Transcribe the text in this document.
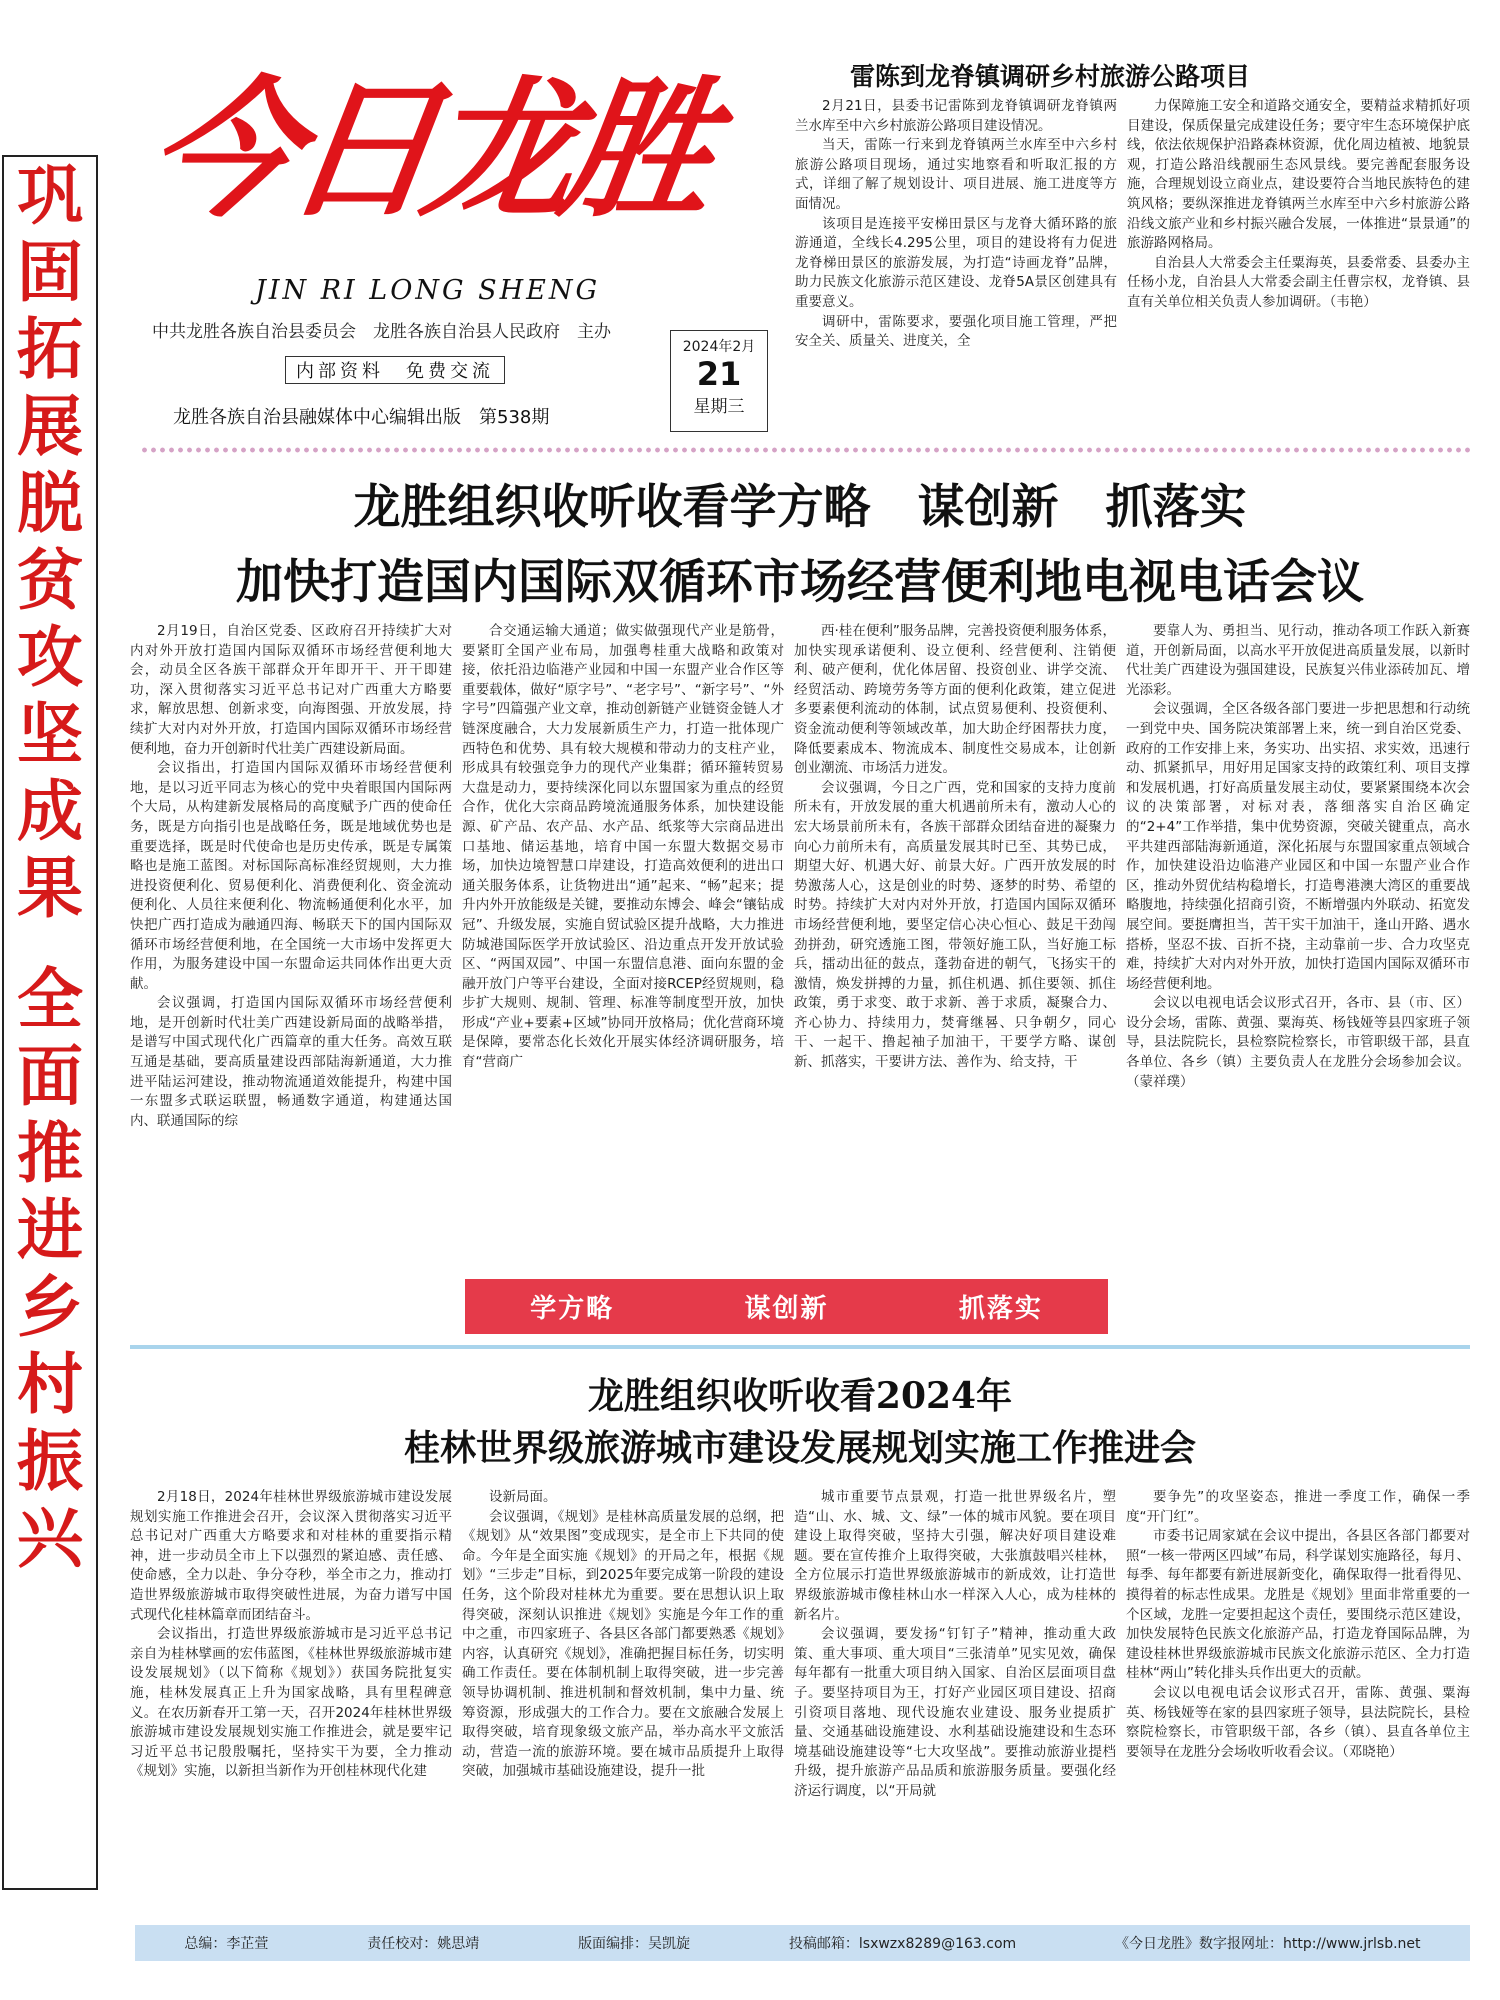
巩
固
拓
展
脱
贫
攻
坚
成
果
全
面
推
进
乡
村
振
兴
今日龙胜
JIN RI LONG SHENG
中共龙胜各族自治县委员会　龙胜各族自治县人民政府　主办
内部资料　免费交流
龙胜各族自治县融媒体中心编辑出版　第538期
2024年2月
21
星期三
雷陈到龙脊镇调研乡村旅游公路项目

2月21日，县委书记雷陈到龙脊镇调研龙脊镇两兰水库至中六乡村旅游公路项目建设情况。

当天，雷陈一行来到龙脊镇两兰水库至中六乡村旅游公路项目现场，通过实地察看和听取汇报的方式，详细了解了规划设计、项目进展、施工进度等方面情况。

该项目是连接平安梯田景区与龙脊大循环路的旅游通道，全线长4.295公里，项目的建设将有力促进龙脊梯田景区的旅游发展，为打造“诗画龙脊”品牌，助力民族文化旅游示范区建设、龙脊5A景区创建具有重要意义。

调研中，雷陈要求，要强化项目施工管理，严把安全关、质量关、进度关，全

力保障施工安全和道路交通安全，要精益求精抓好项目建设，保质保量完成建设任务；要守牢生态环境保护底线，依法依规保护沿路森林资源，优化周边植被、地貌景观，打造公路沿线靓丽生态风景线。要完善配套服务设施，合理规划设立商业点，建设要符合当地民族特色的建筑风格；要纵深推进龙脊镇两兰水库至中六乡村旅游公路沿线文旅产业和乡村振兴融合发展，一体推进“景景通”的旅游路网格局。

自治县人大常委会主任粟海英，县委常委、县委办主任杨小龙，自治县人大常委会副主任曹宗权，龙脊镇、县直有关单位相关负责人参加调研。（韦艳）

龙胜组织收听收看学方略　谋创新　抓落实
加快打造国内国际双循环市场经营便利地电视电话会议

2月19日，自治区党委、区政府召开持续扩大对内对外开放打造国内国际双循环市场经营便利地大会，动员全区各族干部群众开年即开干、开干即建功，深入贯彻落实习近平总书记对广西重大方略要求，解放思想、创新求变，向海图强、开放发展，持续扩大对内对外开放，打造国内国际双循环市场经营便利地，奋力开创新时代壮美广西建设新局面。

会议指出，打造国内国际双循环市场经营便利地，是以习近平同志为核心的党中央着眼国内国际两个大局，从构建新发展格局的高度赋予广西的使命任务，既是方向指引也是战略任务，既是地域优势也是重要选择，既是时代使命也是历史传承，既是专属策略也是施工蓝图。对标国际高标准经贸规则，大力推进投资便利化、贸易便利化、消费便利化、资金流动便利化、人员往来便利化、物流畅通便利化水平，加快把广西打造成为融通四海、畅联天下的国内国际双循环市场经营便利地，在全国统一大市场中发挥更大作用，为服务建设中国一东盟命运共同体作出更大贡献。

会议强调，打造国内国际双循环市场经营便利地，是开创新时代壮美广西建设新局面的战略举措，是谱写中国式现代化广西篇章的重大任务。高效互联互通是基础，要高质量建设西部陆海新通道，大力推进平陆运河建设，推动物流通道效能提升，构建中国一东盟多式联运联盟，畅通数字通道，构建通达国内、联通国际的综

合交通运输大通道；做实做强现代产业是筋骨，要紧盯全国产业布局，加强粤桂重大战略和政策对接，依托沿边临港产业园和中国一东盟产业合作区等重要载体，做好“原字号”、“老字号”、“新字号”、“外字号”四篇强产业文章，推动创新链产业链资金链人才链深度融合，大力发展新质生产力，打造一批体现广西特色和优势、具有较大规模和带动力的支柱产业，形成具有较强竞争力的现代产业集群；循环箍转贸易大盘是动力，要持续深化同以东盟国家为重点的经贸合作，优化大宗商品跨境流通服务体系，加快建设能源、矿产品、农产品、水产品、纸浆等大宗商品进出口基地、储运基地，培育中国一东盟大数据交易市场，加快边境智慧口岸建设，打造高效便利的进出口通关服务体系，让货物进出“通”起来、“畅”起来；提升内外开放能级是关键，要推动东博会、峰会“镶钻成冠”、升级发展，实施自贸试验区提升战略，大力推进防城港国际医学开放试验区、沿边重点开发开放试验区、“两国双园”、中国一东盟信息港、面向东盟的金融开放门户等平台建设，全面对接RCEP经贸规则，稳步扩大规则、规制、管理、标准等制度型开放，加快形成“产业+要素+区域”协同开放格局；优化营商环境是保障，要常态化长效化开展实体经济调研服务，培育“营商广

西·桂在便利”服务品牌，完善投资便利服务体系，加快实现承诺便利、设立便利、经营便利、注销便利、破产便利，优化体居留、投资创业、讲学交流、经贸活动、跨境劳务等方面的便利化政策，建立促进多要素便利流动的体制，试点贸易便利、投资便利、资金流动便利等领域改革，加大助企纾困帮扶力度，降低要素成本、物流成本、制度性交易成本，让创新创业潮流、市场活力迸发。

会议强调，今日之广西，党和国家的支持力度前所未有，开放发展的重大机遇前所未有，激动人心的宏大场景前所未有，各族干部群众团结奋进的凝聚力向心力前所未有，高质量发展其时已至、其势已成，期望大好、机遇大好、前景大好。广西开放发展的时势激荡人心，这是创业的时势、逐梦的时势、希望的时势。持续扩大对内对外开放，打造国内国际双循环市场经营便利地，要坚定信心决心恒心、鼓足干劲闯劲拼劲，研究透施工图，带领好施工队，当好施工标兵，擂动出征的鼓点，蓬勃奋进的朝气，飞扬实干的激情，焕发拼搏的力量，抓住机遇、抓住要领、抓住政策，勇于求变、敢于求新、善于求质，凝聚合力、齐心协力、持续用力，焚膏继晷、只争朝夕，同心干、一起干、撸起袖子加油干，干要学方略、谋创新、抓落实，干要讲方法、善作为、给支持，干

要靠人为、勇担当、见行动，推动各项工作跃入新赛道，开创新局面，以高水平开放促进高质量发展，以新时代壮美广西建设为强国建设，民族复兴伟业添砖加瓦、增光添彩。

会议强调，全区各级各部门要进一步把思想和行动统一到党中央、国务院决策部署上来，统一到自治区党委、政府的工作安排上来，务实功、出实招、求实效，迅速行动、抓紧抓早，用好用足国家支持的政策红利、项目支撑和发展机遇，打好高质量发展主动仗，要紧紧围绕本次会议的决策部署，对标对表，落细落实自治区确定的“2+4”工作举措，集中优势资源，突破关键重点，高水平共建西部陆海新通道，深化拓展与东盟国家重点领域合作，加快建设沿边临港产业园区和中国一东盟产业合作区，推动外贸优结构稳增长，打造粤港澳大湾区的重要战略腹地，持续强化招商引资，不断增强内外联动、拓宽发展空间。要挺膺担当，苦干实干加油干，逢山开路、遇水搭桥，坚忍不拔、百折不挠，主动靠前一步、合力攻坚克难，持续扩大对内对外开放，加快打造国内国际双循环市场经营便利地。

会议以电视电话会议形式召开，各市、县（市、区）设分会场，雷陈、黄强、粟海英、杨钱娅等县四家班子领导，县法院院长，县检察院检察长，市管职级干部，县直各单位、各乡（镇）主要负责人在龙胜分会场参加会议。（蒙祥璞）

学方略	谋创新	抓落实
龙胜组织收听收看2024年
桂林世界级旅游城市建设发展规划实施工作推进会

2月18日，2024年桂林世界级旅游城市建设发展规划实施工作推进会召开，会议深入贯彻落实习近平总书记对广西重大方略要求和对桂林的重要指示精神，进一步动员全市上下以强烈的紧迫感、责任感、使命感，全力以赴、争分夺秒，举全市之力，推动打造世界级旅游城市取得突破性进展，为奋力谱写中国式现代化桂林篇章而团结奋斗。

会议指出，打造世界级旅游城市是习近平总书记亲自为桂林擘画的宏伟蓝图，《桂林世界级旅游城市建设发展规划》（以下简称《规划》）获国务院批复实施，桂林发展真正上升为国家战略，具有里程碑意义。在农历新春开工第一天，召开2024年桂林世界级旅游城市建设发展规划实施工作推进会，就是要牢记习近平总书记殷殷嘱托，坚持实干为要，全力推动《规划》实施，以新担当新作为开创桂林现代化建

设新局面。

会议强调，《规划》是桂林高质量发展的总纲，把《规划》从“效果图”变成现实，是全市上下共同的使命。今年是全面实施《规划》的开局之年，根据《规划》“三步走”目标，到2025年要完成第一阶段的建设任务，这个阶段对桂林尤为重要。要在思想认识上取得突破，深刻认识推进《规划》实施是今年工作的重中之重，市四家班子、各县区各部门都要熟悉《规划》内容，认真研究《规划》，准确把握目标任务，切实明确工作责任。要在体制机制上取得突破，进一步完善领导协调机制、推进机制和督效机制，集中力量、统筹资源，形成强大的工作合力。要在文旅融合发展上取得突破，培育现象级文旅产品，举办高水平文旅活动，营造一流的旅游环境。要在城市品质提升上取得突破，加强城市基础设施建设，提升一批

城市重要节点景观，打造一批世界级名片，塑造“山、水、城、文、绿”一体的城市风貌。要在项目建设上取得突破，坚持大引强，解决好项目建设难题。要在宣传推介上取得突破，大张旗鼓唱兴桂林，全方位展示打造世界级旅游城市的新成效，让打造世界级旅游城市像桂林山水一样深入人心，成为桂林的新名片。

会议强调，要发扬“钉钉子”精神，推动重大政策、重大事项、重大项目“三张清单”见实见效，确保每年都有一批重大项目纳入国家、自治区层面项目盘子。要坚持项目为王，打好产业园区项目建设、招商引资项目落地、现代设施农业建设、服务业提质扩量、交通基础设施建设、水利基础设施建设和生态环境基础设施建设等“七大攻坚战”。要推动旅游业提档升级，提升旅游产品品质和旅游服务质量。要强化经济运行调度，以“开局就

要争先”的攻坚姿态，推进一季度工作，确保一季度“开门红”。

市委书记周家斌在会议中提出，各县区各部门都要对照“一核一带两区四域”布局，科学谋划实施路径，每月、每季、每年都要有新进展新变化，确保取得一批看得见、摸得着的标志性成果。龙胜是《规划》里面非常重要的一个区域，龙胜一定要担起这个责任，要围绕示范区建设，加快发展特色民族文化旅游产品，打造龙脊国际品牌，为建设桂林世界级旅游城市民族文化旅游示范区、全力打造桂林“两山”转化排头兵作出更大的贡献。

会议以电视电话会议形式召开，雷陈、黄强、粟海英、杨钱娅等在家的县四家班子领导，县法院院长，县检察院检察长，市管职级干部，各乡（镇）、县直各单位主要领导在龙胜分会场收听收看会议。（邓晓艳）

总编：李芷萱	责任校对：姚思靖	版面编排：吴凯旋	投稿邮箱：lsxwzx8289@163.com	《今日龙胜》数字报网址：http://www.jrlsb.net
